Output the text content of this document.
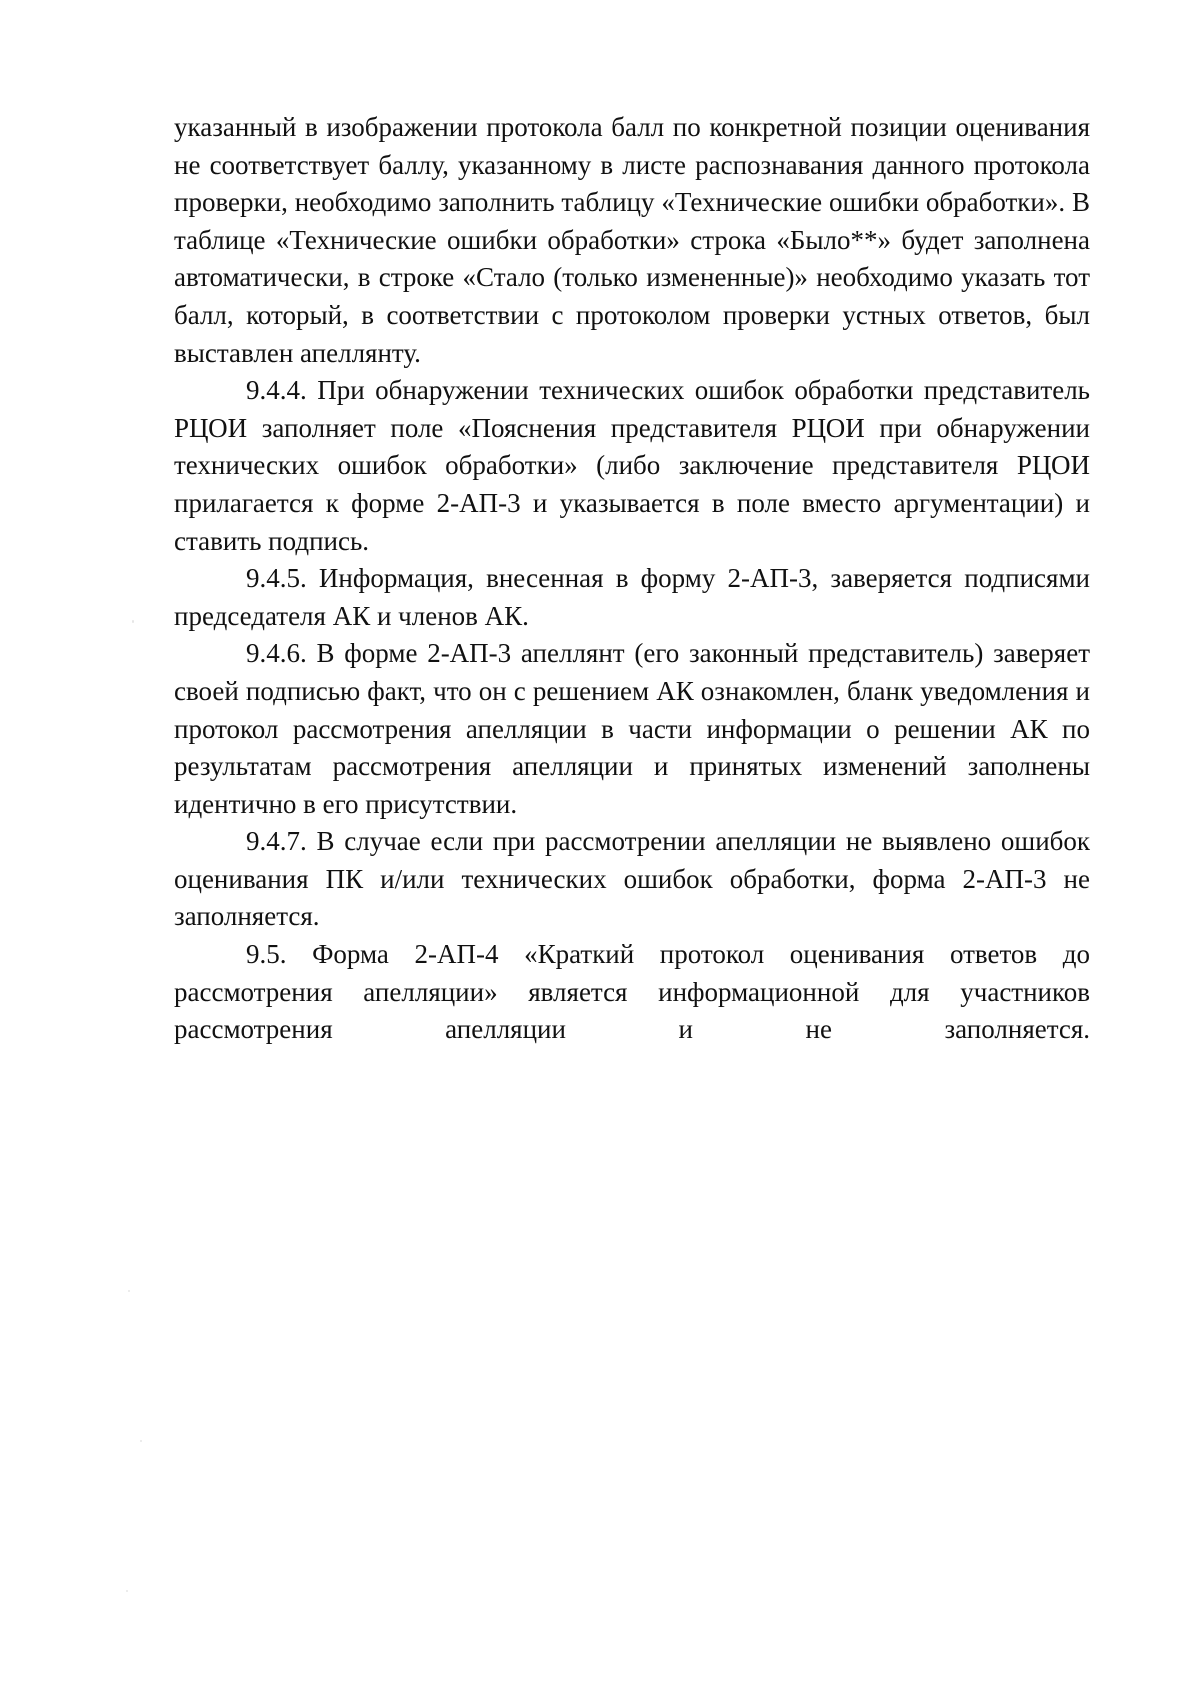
указанный в изображении протокола балл по конкретной позиции оценивания не соответствует баллу, указанному в листе распознавания данного протокола проверки, необходимо заполнить таблицу «Технические ошибки обработки». В таблице «Технические ошибки обработки» строка «Было**» будет заполнена автоматически, в строке «Стало (только измененные)» необходимо указать тот балл, который, в соответствии с протоколом проверки устных ответов, был выставлен апеллянту.

9.4.4. При обнаружении технических ошибок обработки представитель РЦОИ заполняет поле «Пояснения представителя РЦОИ при обнаружении технических ошибок обработки» (либо заключение представителя РЦОИ прилагается к форме 2-АП-3 и указывается в поле вместо аргументации) и ставить подпись.

9.4.5. Информация, внесенная в форму 2-АП-3, заверяется подписями председателя АК и членов АК.

9.4.6. В форме 2-АП-3 апеллянт (его законный представитель) заверяет своей подписью факт, что он с решением АК ознакомлен, бланк уведомления и протокол рассмотрения апелляции в части информации о решении АК по результатам рассмотрения апелляции и принятых изменений заполнены идентично в его присутствии.

9.4.7. В случае если при рассмотрении апелляции не выявлено ошибок оценивания ПК и/или технических ошибок обработки, форма 2-АП-3 не заполняется.

9.5. Форма 2-АП-4 «Краткий протокол оценивания ответов до рассмотрения апелляции» является информационной для участников рассмотрения апелляции и не заполняется.
